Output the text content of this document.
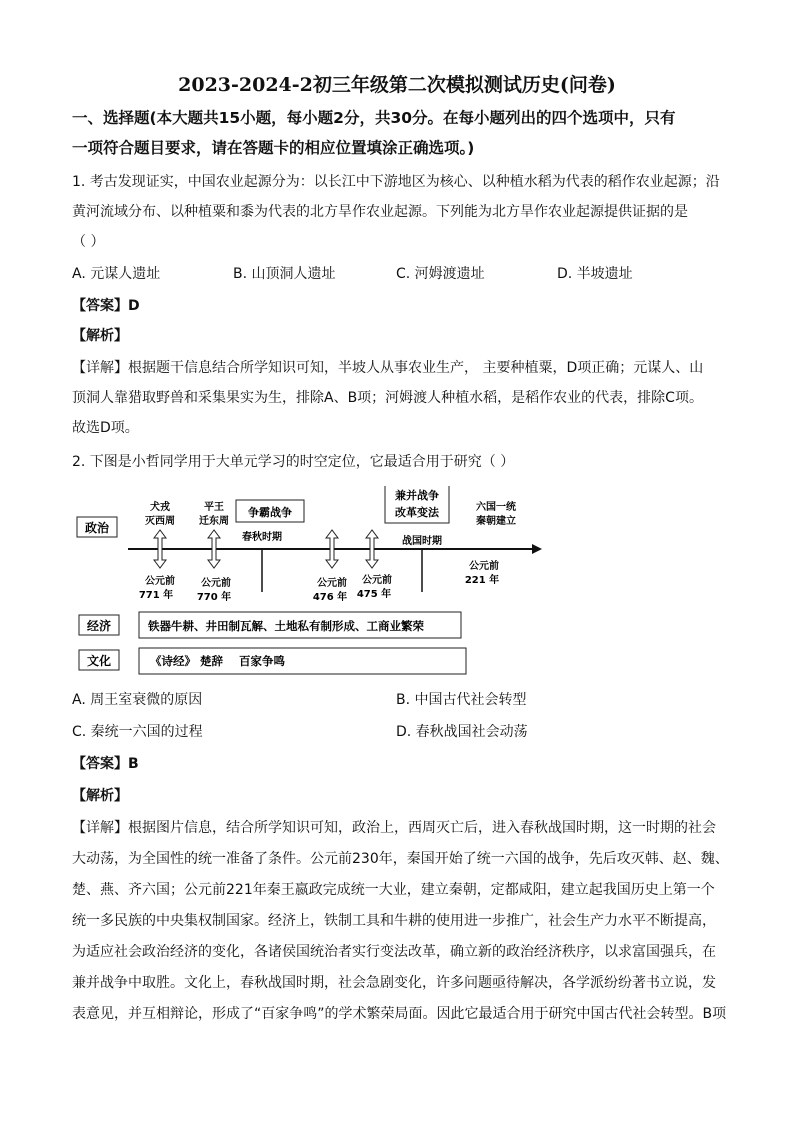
2023-2024-2初三年级第二次模拟测试历史(问卷)
一、选择题(本大题共15小题，每小题2分，共30分。在每小题列出的四个选项中，只有
一项符合题目要求，请在答题卡的相应位置填涂正确选项。)
1. 考古发现证实，中国农业起源分为：以长江中下游地区为核心、以种植水稻为代表的稻作农业起源；沿
黄河流域分布、以种植粟和黍为代表的北方旱作农业起源。下列能为北方旱作农业起源提供证据的是
（ ）
A. 元谋人遗址	B. 山顶洞人遗址	C. 河姆渡遗址	D. 半坡遗址
【答案】D
【解析】
【详解】根据题干信息结合所学知识可知，半坡人从事农业生产， 主要种植粟，D项正确；元谋人、山
顶洞人靠猎取野兽和采集果实为生，排除A、B项；河姆渡人种植水稻，是稻作农业的代表，排除C项。
故选D项。
2. 下图是小哲同学用于大单元学习的时空定位，它最适合用于研究（ ）
政治
经济
文化
犬戎
灭西周
平王
迁东周
争霸战争
春秋时期
兼并战争
改革变法
战国时期
六国一统
秦朝建立
公元前
771 年
公元前
770 年
公元前
476 年
公元前
475 年
公元前
221 年
铁器牛耕、井田制瓦解、土地私有制形成、工商业繁荣
《诗经》 楚辞    百家争鸣
A. 周王室衰微的原因	B. 中国古代社会转型
C. 秦统一六国的过程	D. 春秋战国社会动荡
【答案】B
【解析】
【详解】根据图片信息，结合所学知识可知，政治上，西周灭亡后，进入春秋战国时期，这一时期的社会
大动荡，为全国性的统一准备了条件。公元前230年，秦国开始了统一六国的战争，先后攻灭韩、赵、魏、
楚、燕、齐六国；公元前221年秦王嬴政完成统一大业，建立秦朝，定都咸阳，建立起我国历史上第一个
统一多民族的中央集权制国家。经济上，铁制工具和牛耕的使用进一步推广，社会生产力水平不断提高，
为适应社会政治经济的变化，各诸侯国统治者实行变法改革，确立新的政治经济秩序，以求富国强兵，在
兼并战争中取胜。文化上，春秋战国时期，社会急剧变化，许多问题亟待解决，各学派纷纷著书立说，发
表意见，并互相辩论，形成了“百家争鸣”的学术繁荣局面。因此它最适合用于研究中国古代社会转型。B项
